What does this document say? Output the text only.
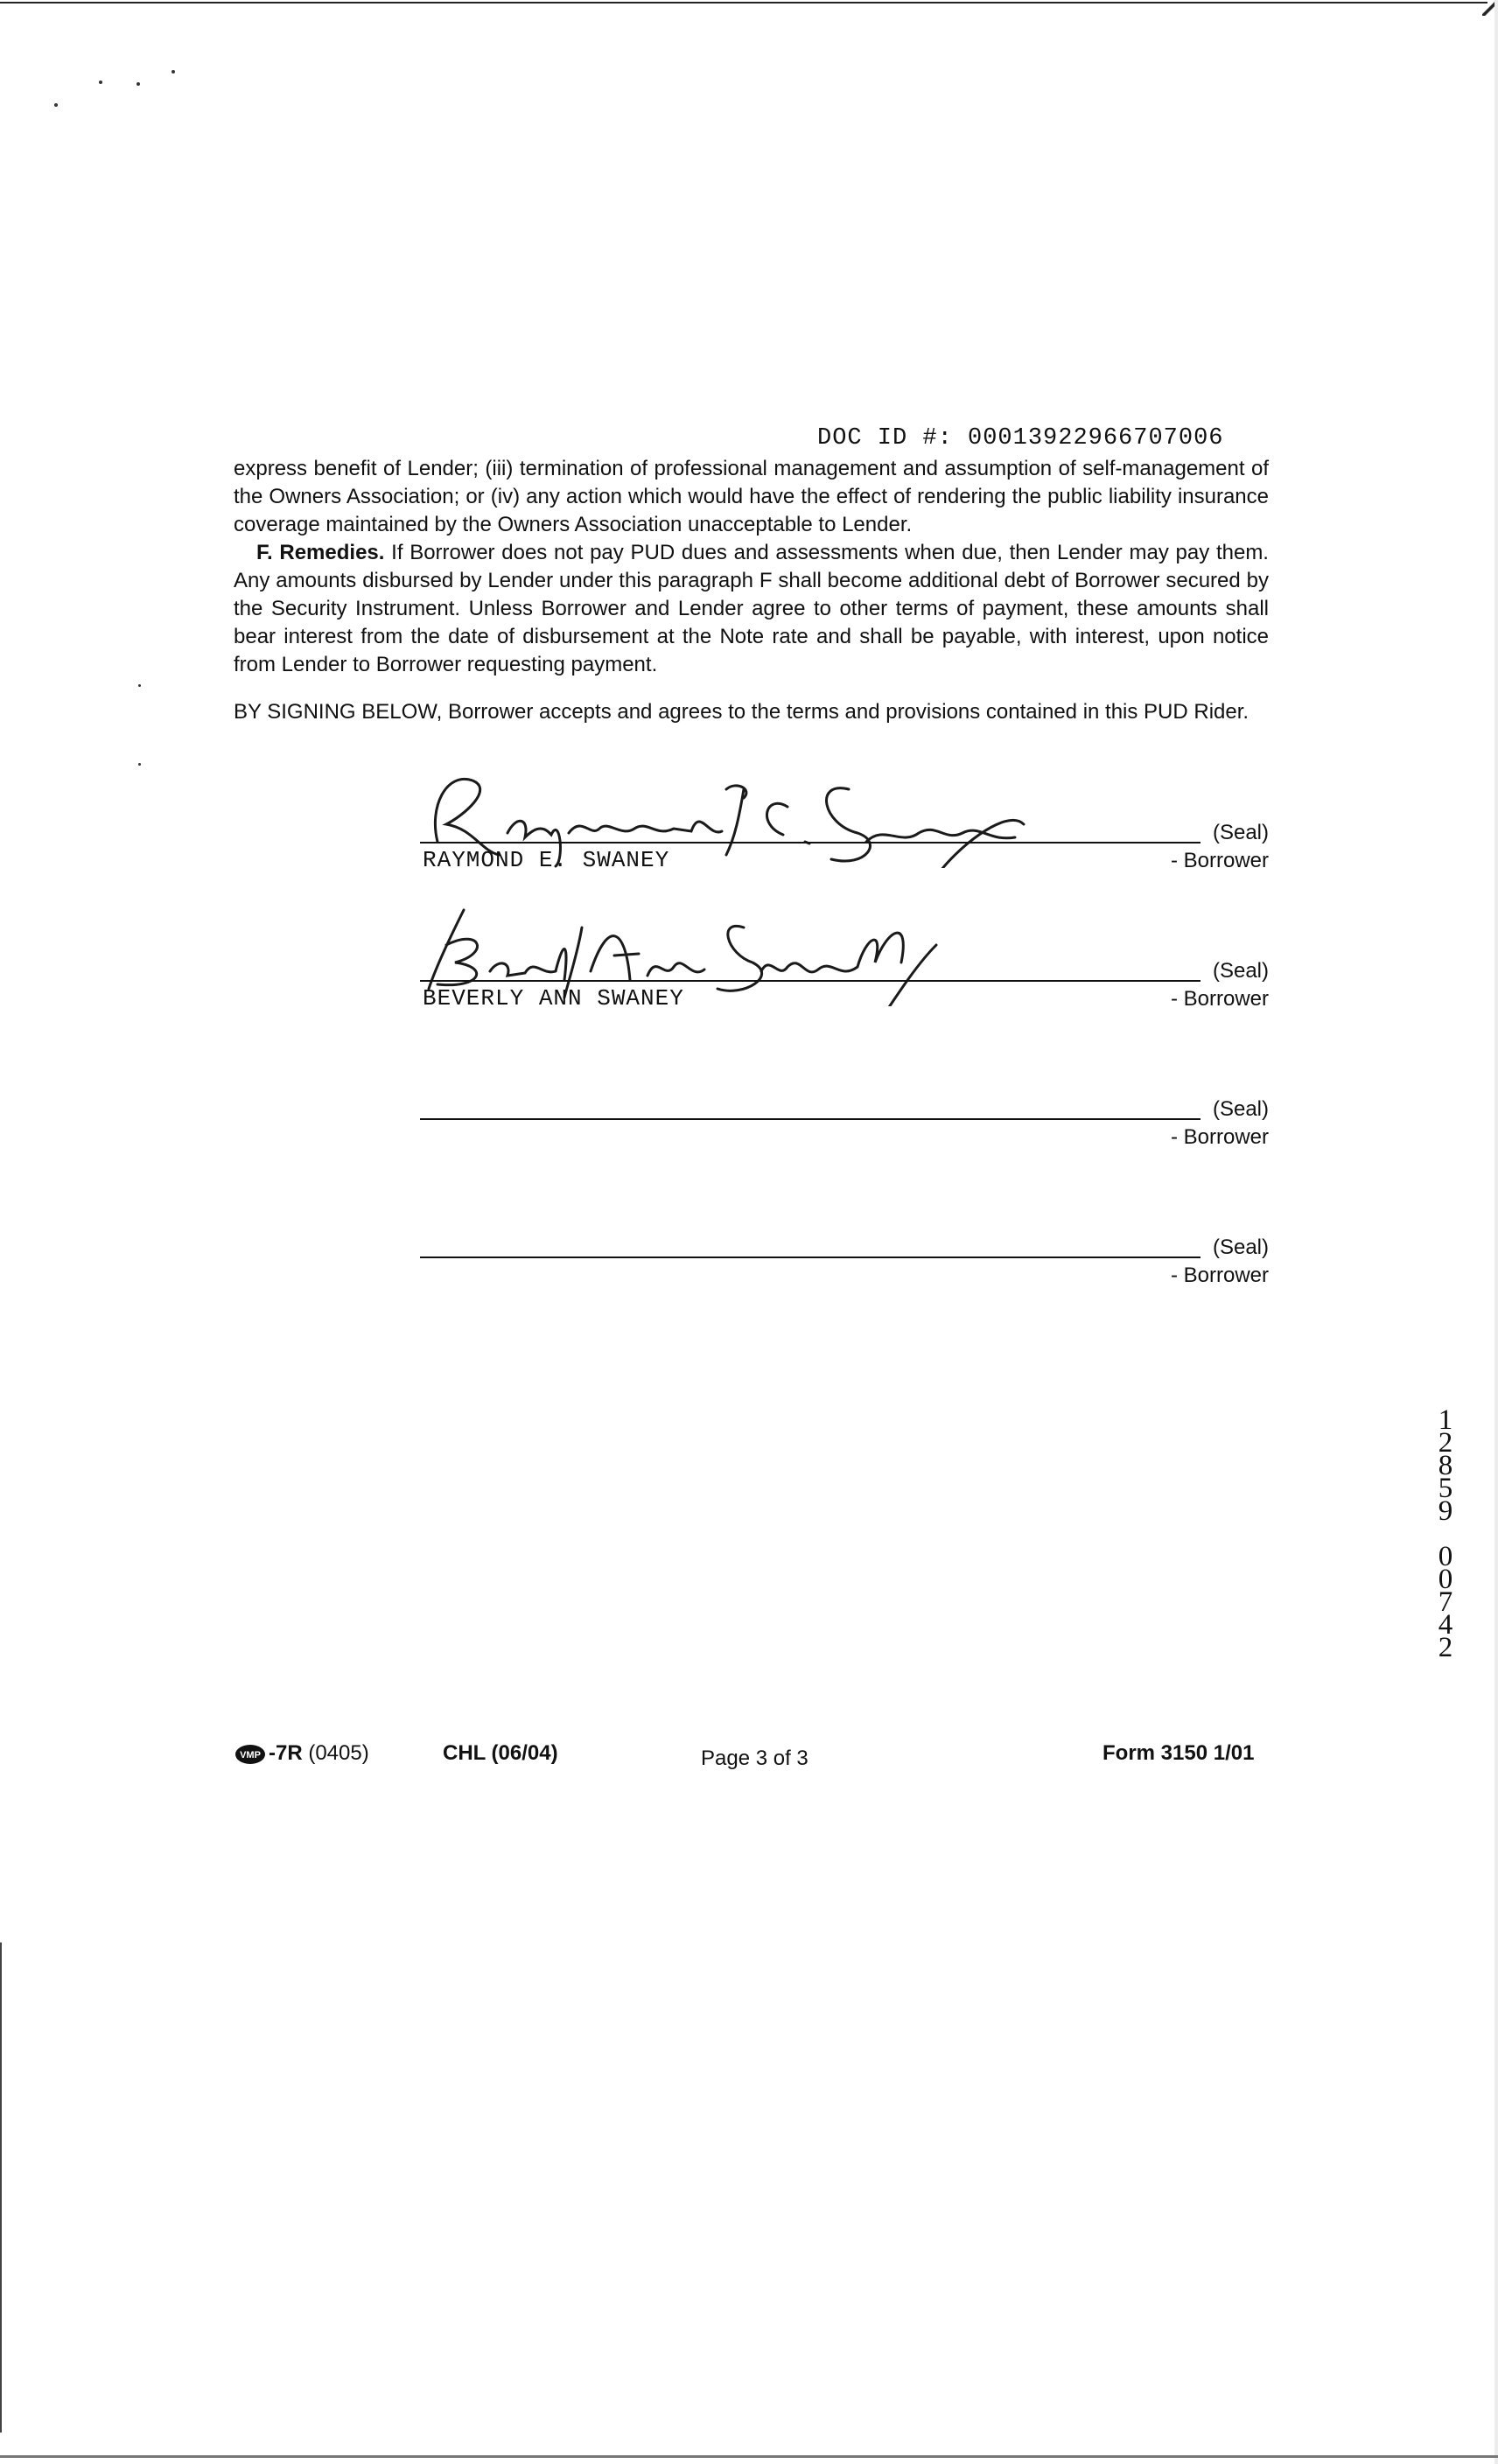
DOC ID #: 00013922966707006

express benefit of Lender; (iii) termination of professional management and assumption of self-management of the Owners Association; or (iv) any action which would have the effect of rendering the public liability insurance coverage maintained by the Owners Association unacceptable to Lender.

F. Remedies. If Borrower does not pay PUD dues and assessments when due, then Lender may pay them. Any amounts disbursed by Lender under this paragraph F shall become additional debt of Borrower secured by the Security Instrument. Unless Borrower and Lender agree to other terms of payment, these amounts shall bear interest from the date of disbursement at the Note rate and shall be payable, with interest, upon notice from Lender to Borrower requesting payment.

BY SIGNING BELOW, Borrower accepts and agrees to the terms and provisions contained in this PUD Rider.

(Seal)
- Borrower
RAYMOND E. SWANEY
(Seal)
- Borrower
BEVERLY ANN SWANEY
(Seal)
- Borrower
(Seal)
- Borrower
1
2
8
5
9
0
0
7
4
2
VMP -7R (0405)	CHL (06/04)	Page 3 of 3	Form 3150 1/01
